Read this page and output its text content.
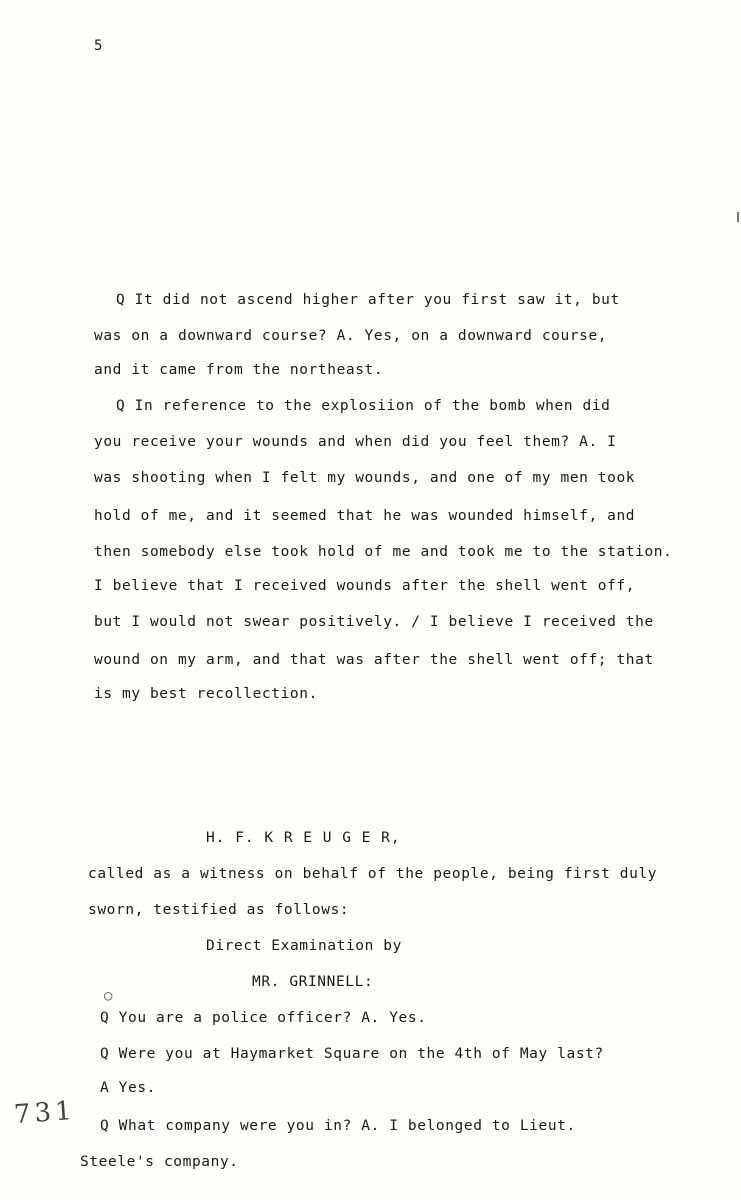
5
Q It did not ascend higher after you first saw it, but
was on a downward course? A. Yes, on a downward course,
and it came from the northeast.
Q In reference to the explosiion of the bomb when did
you receive your wounds and when did you feel them? A. I
was shooting when I felt my wounds, and one of my men took
hold of me, and it seemed that he was wounded himself, and
then somebody else took hold of me and took me to the station.
I believe that I received wounds after the shell went off,
but I would not swear positively. / I believe I received the
wound on my arm, and that was after the shell went off; that
is my best recollection.
H. F. K R E U G E R,
called as a witness on behalf of the people, being first duly
sworn, testified as follows:
Direct Examination by
MR. GRINNELL:
Q You are a police officer? A. Yes.
Q Were you at Haymarket Square on the 4th of May last?
A Yes.
Q What company were you in? A. I belonged to Lieut.
Steele's company.
731
○
